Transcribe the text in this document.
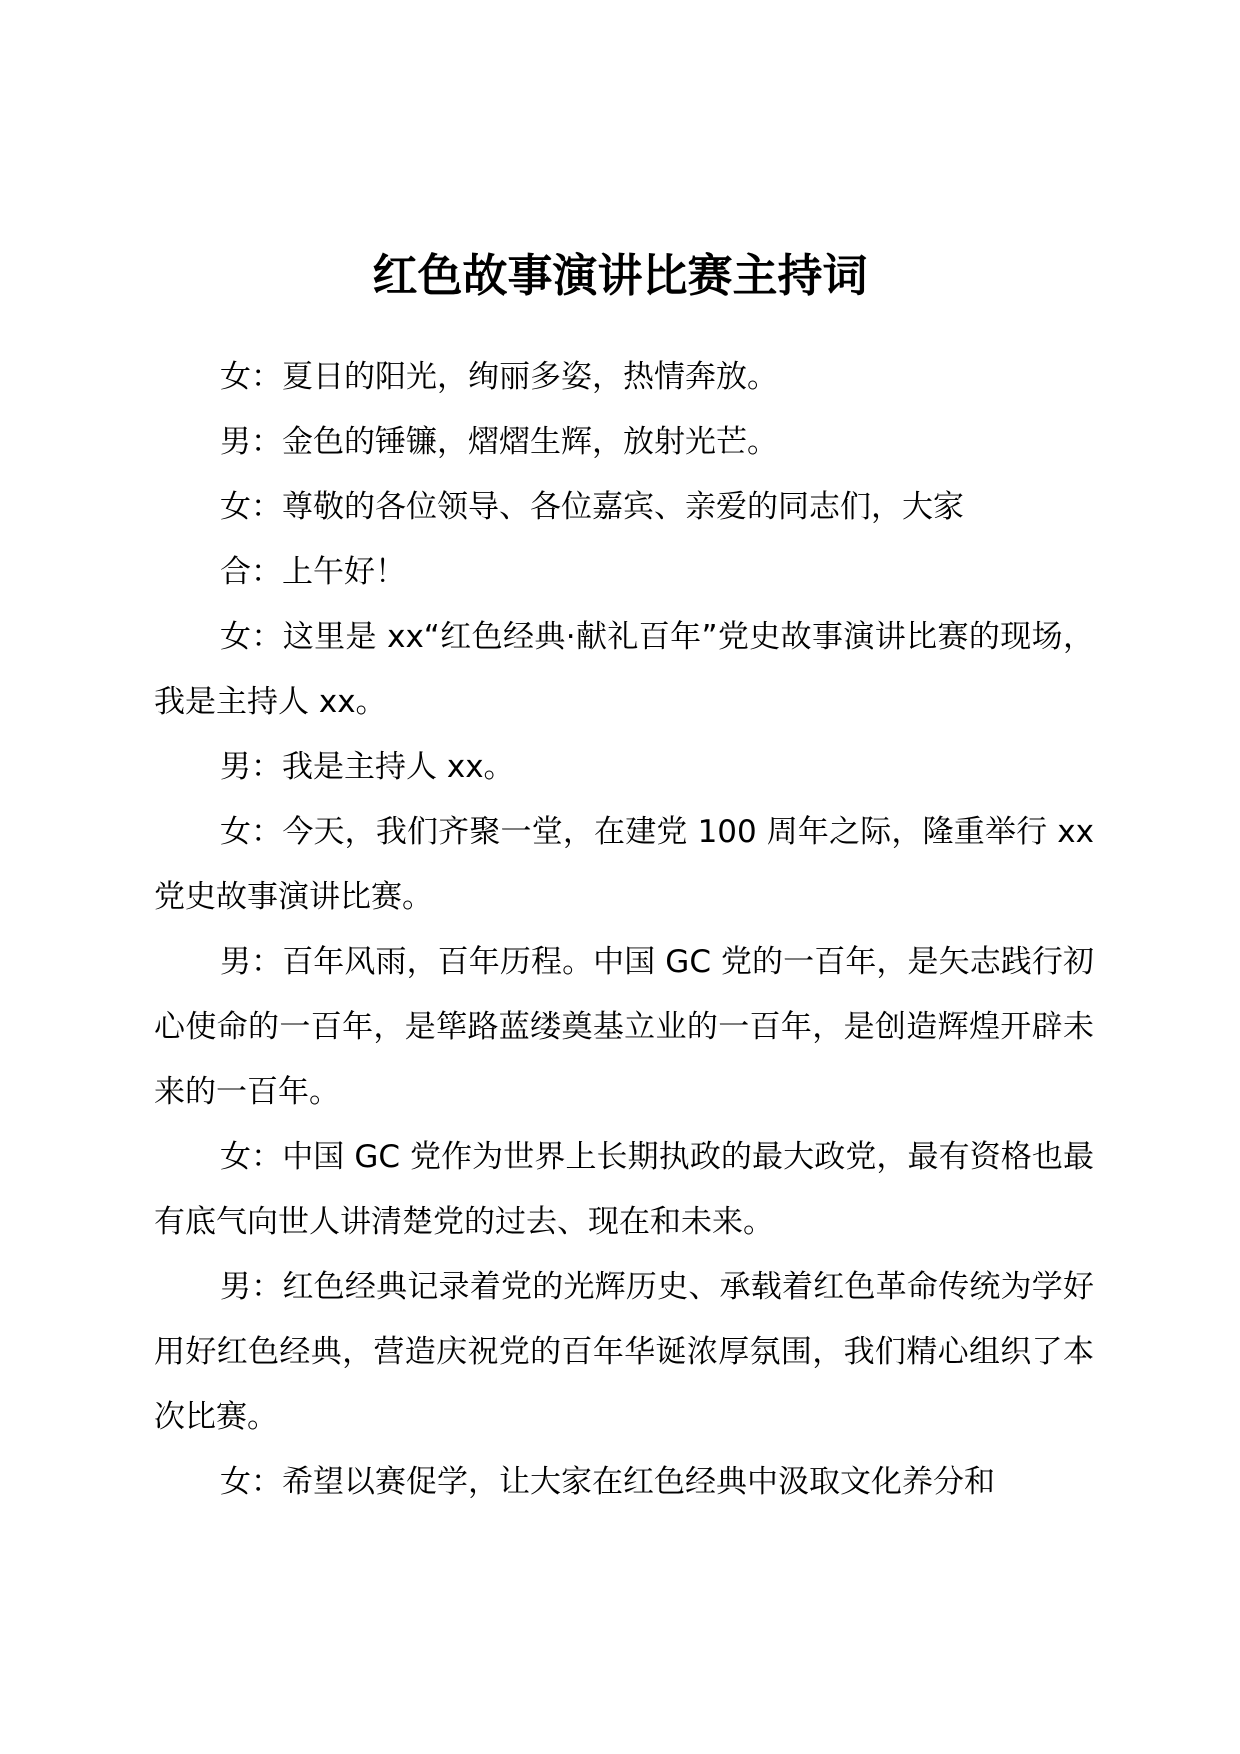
红色故事演讲比赛主持词

女：夏日的阳光，绚丽多姿，热情奔放。

男：金色的锤镰，熠熠生辉，放射光芒。

女：尊敬的各位领导、各位嘉宾、亲爱的同志们，大家

合：上午好！

女：这里是 xx“红色经典·献礼百年”党史故事演讲比赛的现场，我是主持人 xx。

男：我是主持人 xx。

女：今天，我们齐聚一堂，在建党 100 周年之际，隆重举行 xx 党史故事演讲比赛。

男：百年风雨，百年历程。中国 GC 党的一百年，是矢志践行初心使命的一百年，是筚路蓝缕奠基立业的一百年，是创造辉煌开辟未来的一百年。

女：中国 GC 党作为世界上长期执政的最大政党，最有资格也最有底气向世人讲清楚党的过去、现在和未来。

男：红色经典记录着党的光辉历史、承载着红色革命传统为学好用好红色经典，营造庆祝党的百年华诞浓厚氛围，我们精心组织了本次比赛。

女：希望以赛促学，让大家在红色经典中汲取文化养分和
